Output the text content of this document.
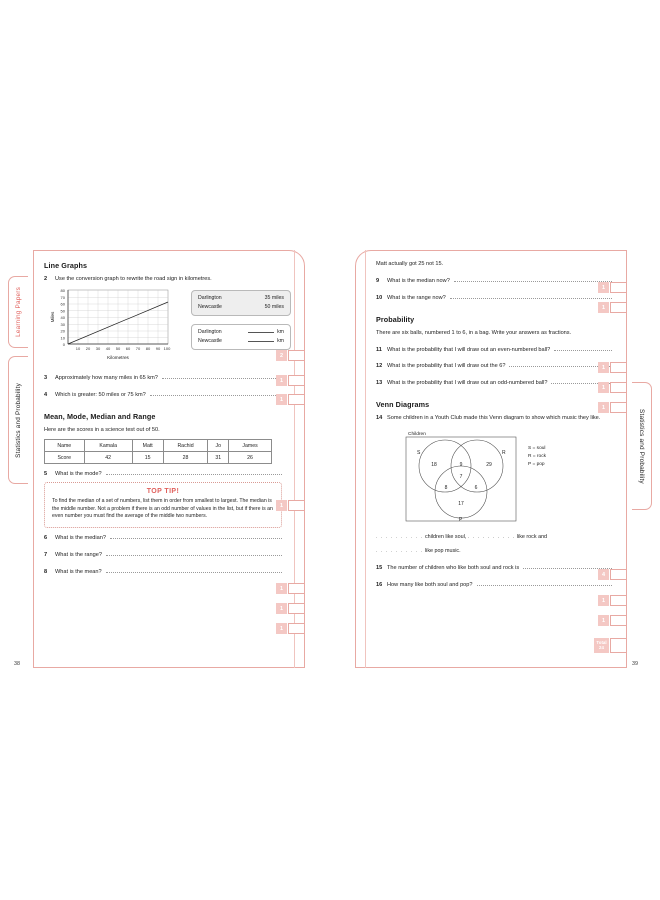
Learning Papers
Statistics and Probability	Statistics and Probability
Line Graphs
2	Use the conversion graph to rewrite the road sign in kilometres.
80
70
60
50
40
30
20
10
0
10 20 30 40 50 60 70 80 90 100
Kilometres
Miles
Darlington	35 miles
Newcastle	50 miles
Darlington	km
Newcastle	km
3	Approximately how many miles in 65 km?
4	Which is greater: 50 miles or 75 km?
Mean, Mode, Median and Range

Here are the scores in a science test out of 50.

Name	Kamala	Matt	Rachid	Jo	James
Score	42	15	28	31	26
5	What is the mode?
TOP TIP!
To find the median of a set of numbers, list them in order from smallest to largest. The median is the middle number. Not a problem if there is an odd number of values in the list, but if there is an even number you must find the average of the middle two numbers.
6	What is the median?
7	What is the range?
8	What is the mean?
2
1
1
1
1
1
1

Matt actually got 25 not 15.

9	What is the median now?
10 What is the range now?
Probability

There are six balls, numbered 1 to 6, in a bag. Write your answers as fractions.

11 What is the probability that I will draw out an even-numbered ball?
12 What is the probability that I will draw out the 6?
13 What is the probability that I will draw out an odd-numbered ball?
Venn Diagrams
14 Some children in a Youth Club made this Venn diagram to show which music they like.
Children
S	R
P
18	9	29
7
8	6
17
S = soul
R = rock
P = pop
. . . . . . . . . . children like soul, . . . . . . . . . . like rock and
. . . . . . . . . . like pop music.
15 The number of children who like both soul and rock is
16 How many like both soul and pop?
1
1
1
1
1
4
1
1
Total
24
38	39
